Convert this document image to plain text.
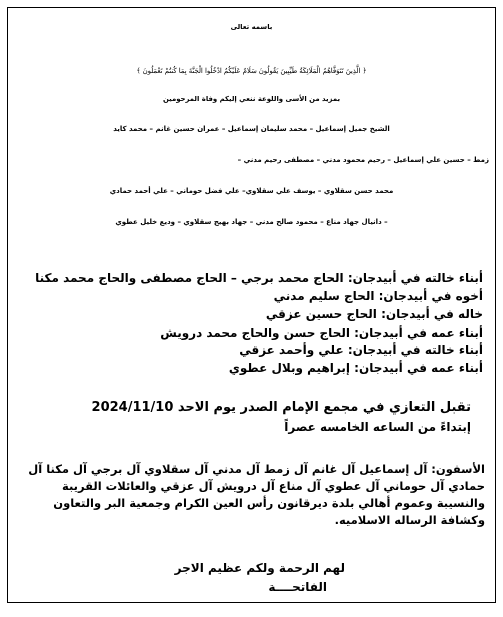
باسمه تعالى
﴿ الَّذِينَ تَتَوَفَّاهُمُ الْمَلَائِكَةُ طَيِّبِينَ يَقُولُونَ سَلَامٌ عَلَيْكُمُ ادْخُلُوا الْجَنَّةَ بِمَا كُنتُمْ تَعْمَلُونَ ﴾
بمزيد من الأسى واللوعة ننعي إليكم وفاة المرحومين
الشيخ جميل إسماعيل – محمد سليمان إسماعيل – عمران حسين غانم – محمد كايد
زمط – حسين علي إسماعيل – رحيم محمود مدني – مصطفى رحيم مدني –
محمد حسن سقلاوي – يوسف علي سقلاوي– علي فضل حوماني – علي أحمد حمادي
– دانيال جهاد مناع – محمود صالح مدني – جهاد بهيج سقلاوي – وديع خليل عطوي
أبناء خالته في أبيدجان: الحاج محمد برجي – الحاج مصطفى والحاج محمد مكنا
أخوه في أبيدجان: الحاج سليم مدني
خاله في أبيدجان: الحاج حسين عزقي
أبناء عمه في أبيدجان: الحاج حسن والحاج محمد درويش
أبناء خالته في أبيدجان: علي وأحمد عزقي
أبناء عمه في أبيدجان: إبراهيم وبلال عطوي
تقبل التعازي في مجمع الإمام الصدر يوم الاحد 2024/11/10
إبتداءً من الساعه الخامسه عصراً
الأسفون: آل إسماعيل آل غانم آل زمط آل مدني آل سقلاوي آل برجي آل مكنا آل
حمادي آل حوماني آل عطوي آل مناع آل درويش آل عزقي والعائلات القريبة
والنسيبة وعموم أهالي بلدة ديرقانون رأس العين الكرام وجمعية البر والتعاون
وكشافة الرساله الاسلاميه.
لهم الرحمة ولكم عظيم الاجر
الفاتحــــة
